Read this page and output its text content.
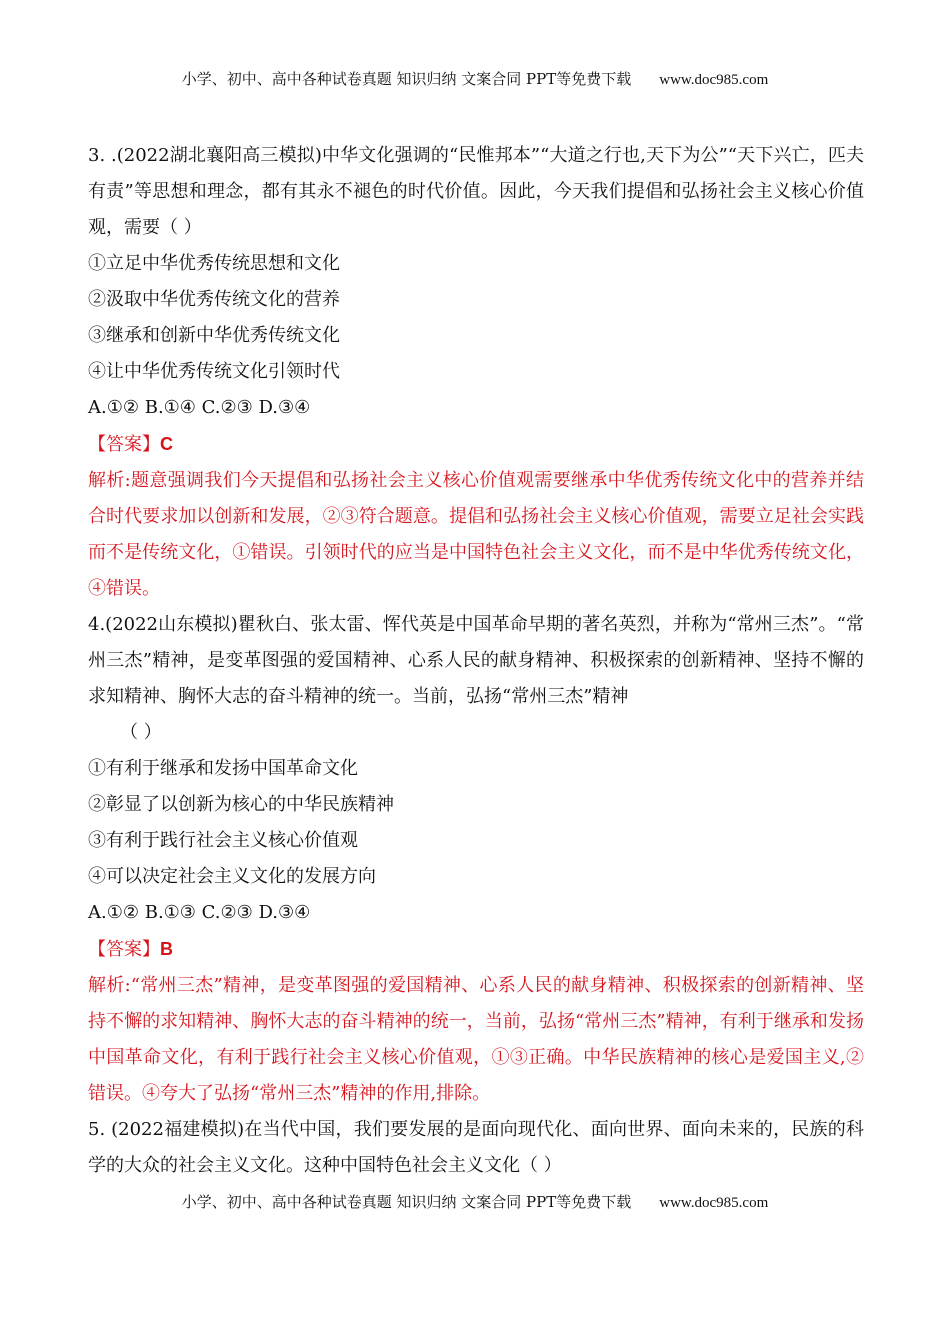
小学、初中、高中各种试卷真题 知识归纳 文案合同 PPT等免费下载 www.doc985.com

3. .(2022湖北襄阳高三模拟)中华文化强调的“民惟邦本”“大道之行也,天下为公”“天下兴亡，匹夫有责”等思想和理念，都有其永不褪色的时代价值。因此，今天我们提倡和弘扬社会主义核心价值观，需要（ ）

①立足中华优秀传统思想和文化

②汲取中华优秀传统文化的营养

③继承和创新中华优秀传统文化

④让中华优秀传统文化引领时代

A.①② B.①④ C.②③ D.③④

【答案】C

解析:题意强调我们今天提倡和弘扬社会主义核心价值观需要继承中华优秀传统文化中的营养并结合时代要求加以创新和发展，②③符合题意。提倡和弘扬社会主义核心价值观，需要立足社会实践而不是传统文化，①错误。引领时代的应当是中国特色社会主义文化，而不是中华优秀传统文化，④错误。

4.(2022山东模拟)瞿秋白、张太雷、恽代英是中国革命早期的著名英烈，并称为“常州三杰”。“常州三杰”精神，是变革图强的爱国精神、心系人民的献身精神、积极探索的创新精神、坚持不懈的求知精神、胸怀大志的奋斗精神的统一。当前，弘扬“常州三杰”精神

（ ）

①有利于继承和发扬中国革命文化

②彰显了以创新为核心的中华民族精神

③有利于践行社会主义核心价值观

④可以决定社会主义文化的发展方向

A.①② B.①③ C.②③ D.③④

【答案】B

解析:“常州三杰”精神，是变革图强的爱国精神、心系人民的献身精神、积极探索的创新精神、坚持不懈的求知精神、胸怀大志的奋斗精神的统一，当前，弘扬“常州三杰”精神，有利于继承和发扬中国革命文化，有利于践行社会主义核心价值观，①③正确。中华民族精神的核心是爱国主义,② 错误。④夸大了弘扬“常州三杰”精神的作用,排除。

5. (2022福建模拟)在当代中国，我们要发展的是面向现代化、面向世界、面向未来的，民族的科学的大众的社会主义文化。这种中国特色社会主义文化（ ）

小学、初中、高中各种试卷真题 知识归纳 文案合同 PPT等免费下载 www.doc985.com
